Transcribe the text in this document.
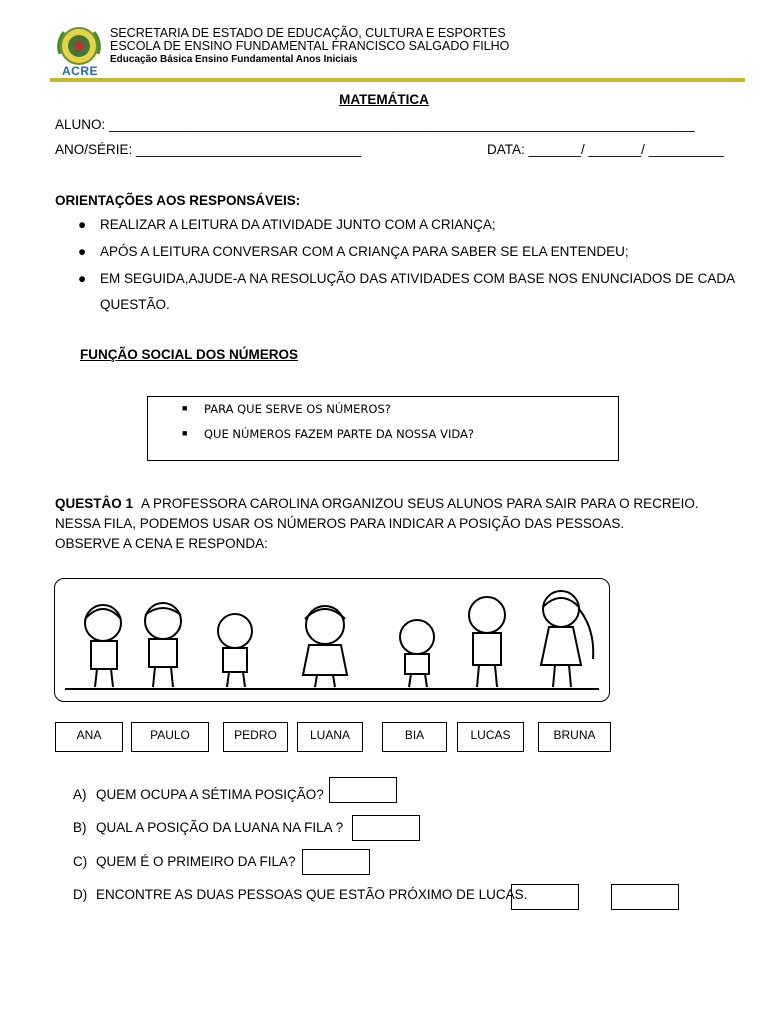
ACRE
SECRETARIA DE ESTADO DE EDUCAÇÃO, CULTURA E ESPORTES
ESCOLA DE ENSINO FUNDAMENTAL FRANCISCO SALGADO FILHO
Educação Básica Ensino Fundamental Anos Iniciais
MATEMÁTICA
ALUNO: ______________________________________________________________________________
ANO/SÉRIE: ______________________________	DATA: _______/ _______/ __________
ORIENTAÇÕES AOS RESPONSÁVEIS:
● REALIZAR A LEITURA DA ATIVIDADE JUNTO COM A CRIANÇA;
● APÓS A LEITURA CONVERSAR COM A CRIANÇA PARA SABER SE ELA ENTENDEU;
● EM SEGUIDA,AJUDE-A NA RESOLUÇÃO DAS ATIVIDADES COM BASE NOS ENUNCIADOS DE CADA
QUESTÃO.
FUNÇÃO SOCIAL DOS NÚMEROS
■ PARA QUE SERVE OS NÚMEROS?
■ QUE NÚMEROS FAZEM PARTE DA NOSSA VIDA?
QUESTÂO 1 A PROFESSORA CAROLINA ORGANIZOU SEUS ALUNOS PARA SAIR PARA O RECREIO.
NESSA FILA, PODEMOS USAR OS NÚMEROS PARA INDICAR A POSIÇÃO DAS PESSOAS.
OBSERVE A CENA E RESPONDA:
ANA	PAULO	PEDRO	LUANA	BIA	LUCAS	BRUNA
A) QUEM OCUPA A SÉTIMA POSIÇÃO?
B) QUAL A POSIÇÃO DA LUANA NA FILA ?
C) QUEM É O PRIMEIRO DA FILA?
D) ENCONTRE AS DUAS PESSOAS QUE ESTÃO PRÓXIMO DE LUCAS.
